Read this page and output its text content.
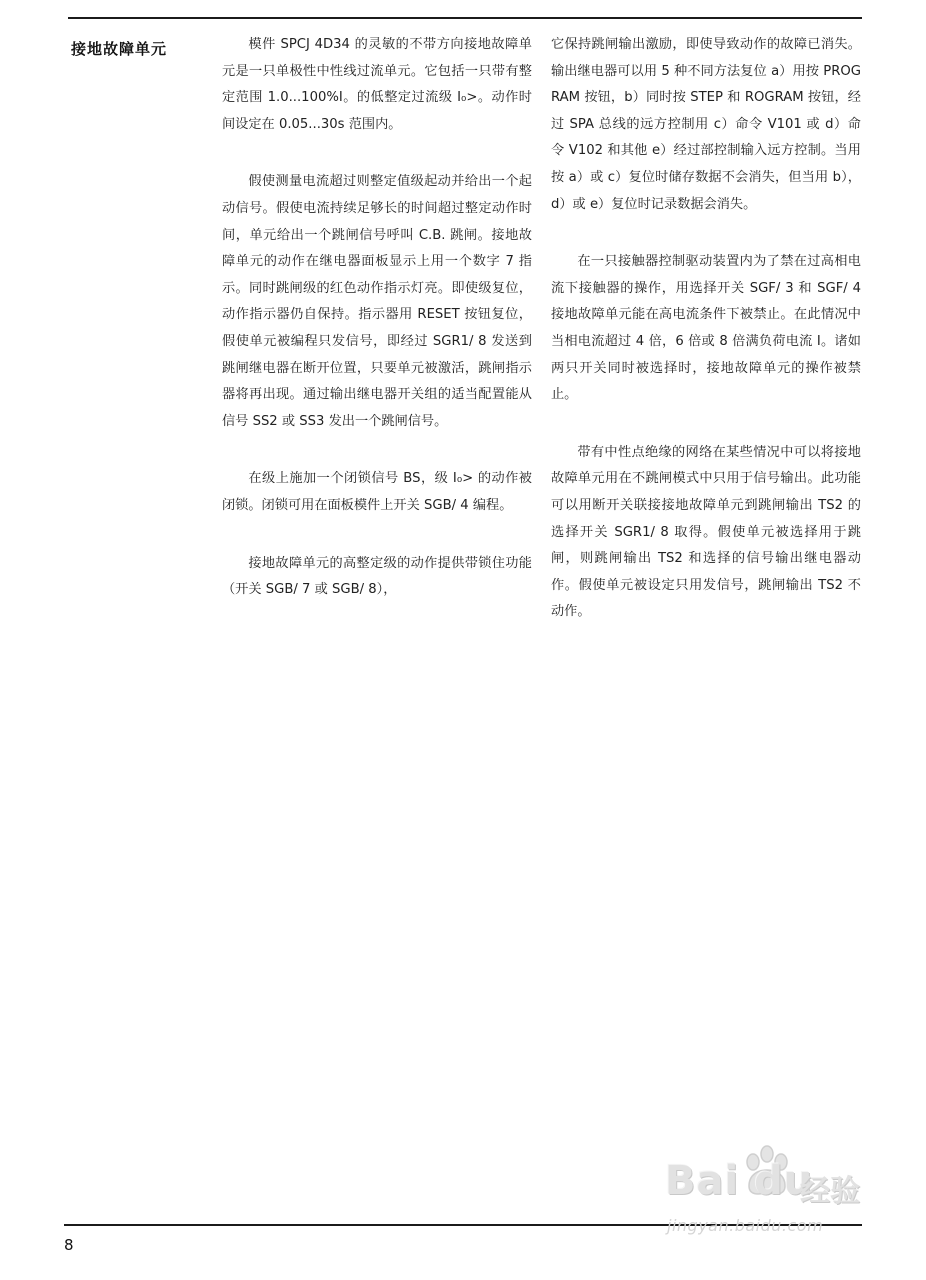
接地故障单元	模件 SPCJ 4D34 的灵敏的不带方向接地故障单元是一只单极性中性线过流单元。它包括一只带有整定范围 1.0...100%I。的低整定过流级 I₀>。动作时间设定在 0.05...30s 范围内。

假使测量电流超过则整定值级起动并给出一个起动信号。假使电流持续足够长的时间超过整定动作时间，单元给出一个跳闸信号呼叫 C.B. 跳闸。接地故障单元的动作在继电器面板显示上用一个数字 7 指示。同时跳闸级的红色动作指示灯亮。即使级复位，动作指示器仍自保持。指示器用 RESET 按钮复位，假使单元被编程只发信号，即经过 SGR1/ 8 发送到跳闸继电器在断开位置，只要单元被激活，跳闸指示器将再出现。通过输出继电器开关组的适当配置能从信号 SS2 或 SS3 发出一个跳闸信号。

在级上施加一个闭锁信号 BS，级 I₀> 的动作被闭锁。闭锁可用在面板模件上开关 SGB/ 4 编程。

接地故障单元的高整定级的动作提供带锁住功能（开关 SGB/ 7 或 SGB/ 8），

它保持跳闸输出激励，即使导致动作的故障已消失。输出继电器可以用 5 种不同方法复位 a）用按 PROGRAM 按钮，b）同时按 STEP 和 ROGRAM 按钮，经过 SPA 总线的远方控制用 c）命令 V101 或 d）命令 V102 和其他 e）经过部控制输入远方控制。当用按 a）或 c）复位时储存数据不会消失，但当用 b），d）或 e）复位时记录数据会消失。

在一只接触器控制驱动装置内为了禁在过高相电流下接触器的操作，用选择开关 SGF/ 3 和 SGF/ 4 接地故障单元能在高电流条件下被禁止。在此情况中当相电流超过 4 倍，6 倍或 8 倍满负荷电流 I。诸如两只开关同时被选择时，接地故障单元的操作被禁止。

带有中性点绝缘的网络在某些情况中可以将接地故障单元用在不跳闸模式中只用于信号输出。此功能可以用断开关联接接地故障单元到跳闸输出 TS2 的选择开关 SGR1/ 8 取得。假使单元被选择用于跳闸，则跳闸输出 TS2 和选择的信号输出继电器动作。假使单元被设定只用发信号，跳闸输出 TS2 不动作。

8
Bai du
经验
jingyan.baidu.com
